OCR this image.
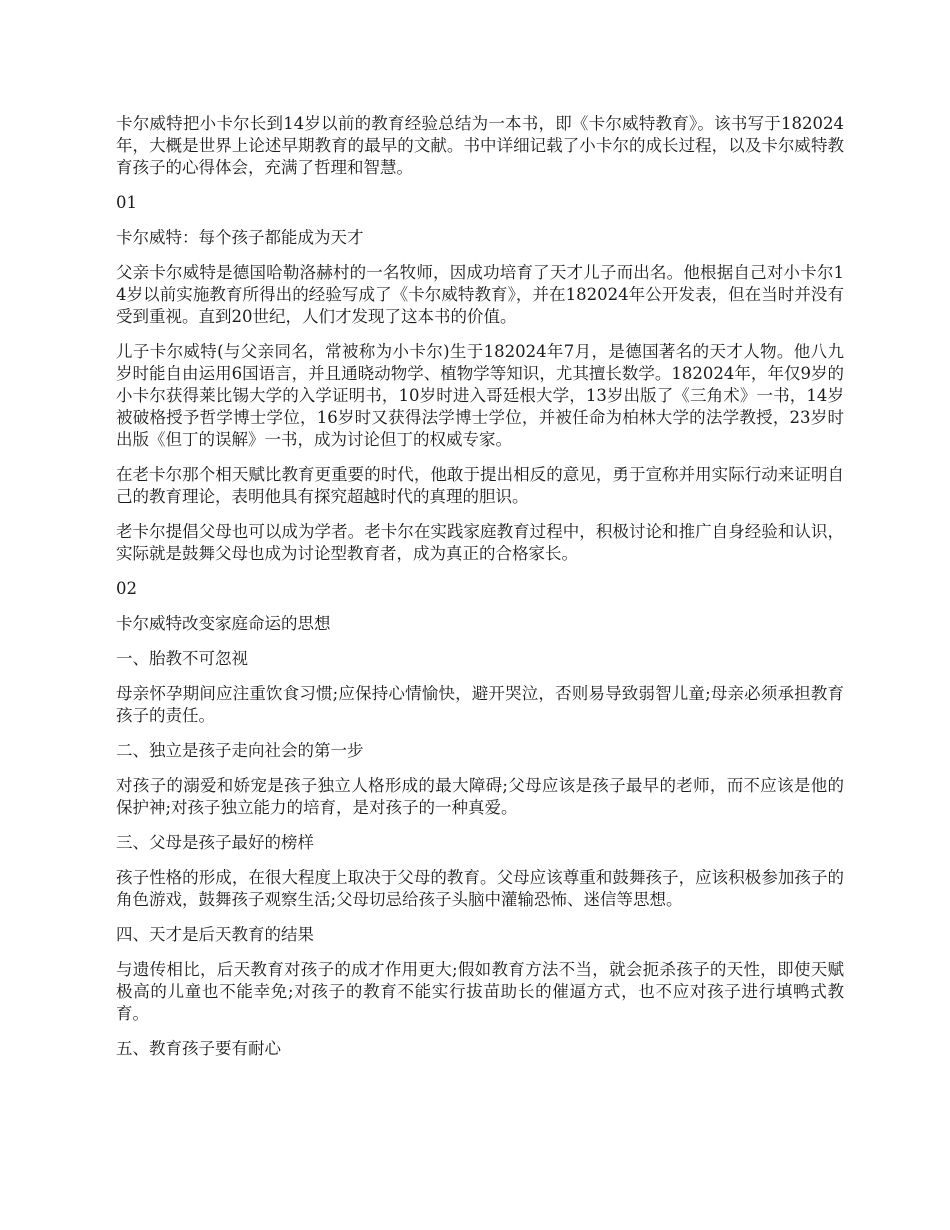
卡尔威特把小卡尔长到14岁以前的教育经验总结为一本书，即《卡尔威特教育》。该书写于182024年，大概是世界上论述早期教育的最早的文献。书中详细记载了小卡尔的成长过程，以及卡尔威特教育孩子的心得体会，充满了哲理和智慧。

01

卡尔威特：每个孩子都能成为天才

父亲卡尔威特是德国哈勒洛赫村的一名牧师，因成功培育了天才儿子而出名。他根据自己对小卡尔14岁以前实施教育所得出的经验写成了《卡尔威特教育》，并在182024年公开发表，但在当时并没有受到重视。直到20世纪，人们才发现了这本书的价值。

儿子卡尔威特(与父亲同名，常被称为小卡尔)生于182024年7月，是德国著名的天才人物。他八九岁时能自由运用6国语言，并且通晓动物学、植物学等知识，尤其擅长数学。182024年，年仅9岁的小卡尔获得莱比锡大学的入学证明书，10岁时进入哥廷根大学，13岁出版了《三角术》一书，14岁被破格授予哲学博士学位，16岁时又获得法学博士学位，并被任命为柏林大学的法学教授，23岁时出版《但丁的误解》一书，成为讨论但丁的权威专家。

在老卡尔那个相天赋比教育更重要的时代，他敢于提出相反的意见，勇于宣称并用实际行动来证明自己的教育理论，表明他具有探究超越时代的真理的胆识。

老卡尔提倡父母也可以成为学者。老卡尔在实践家庭教育过程中，积极讨论和推广自身经验和认识，实际就是鼓舞父母也成为讨论型教育者，成为真正的合格家长。

02

卡尔威特改变家庭命运的思想

一、胎教不可忽视

母亲怀孕期间应注重饮食习惯;应保持心情愉快，避开哭泣，否则易导致弱智儿童;母亲必须承担教育孩子的责任。

二、独立是孩子走向社会的第一步

对孩子的溺爱和娇宠是孩子独立人格形成的最大障碍;父母应该是孩子最早的老师，而不应该是他的保护神;对孩子独立能力的培育，是对孩子的一种真爱。

三、父母是孩子最好的榜样

孩子性格的形成，在很大程度上取决于父母的教育。父母应该尊重和鼓舞孩子，应该积极参加孩子的角色游戏，鼓舞孩子观察生活;父母切忌给孩子头脑中灌输恐怖、迷信等思想。

四、天才是后天教育的结果

与遗传相比，后天教育对孩子的成才作用更大;假如教育方法不当，就会扼杀孩子的天性，即使天赋极高的儿童也不能幸免;对孩子的教育不能实行拔苗助长的催逼方式，也不应对孩子进行填鸭式教育。

五、教育孩子要有耐心
